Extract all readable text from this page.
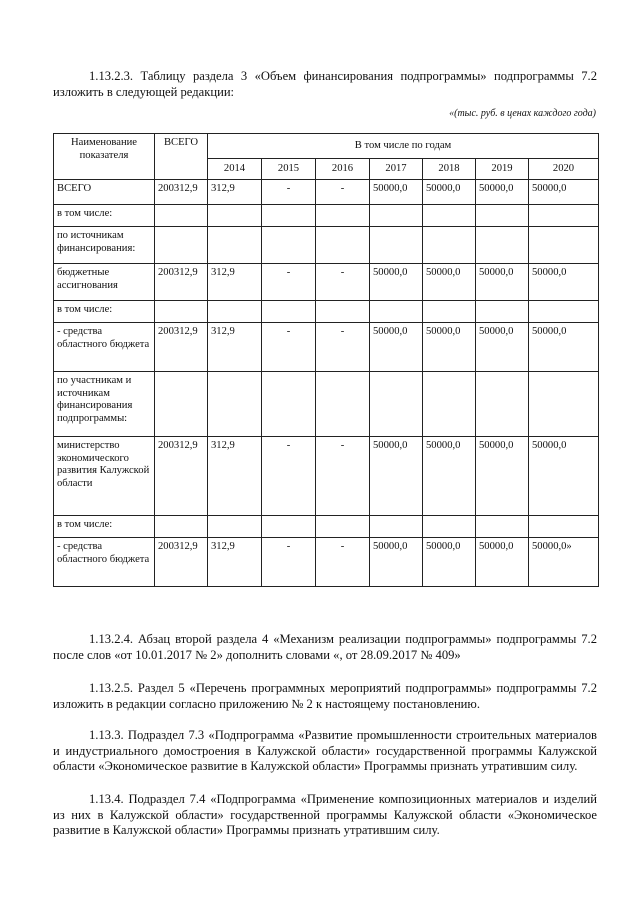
1.13.2.3. Таблицу раздела 3 «Объем финансирования подпрограммы» подпрограммы 7.2 изложить в следующей редакции:
«(тыс. руб. в ценах каждого года)
Наименование показателя	ВСЕГО	В том числе по годам						
		2014	2015	2016	2017	2018	2019	2020
ВСЕГО	200312,9	312,9	-	-	50000,0	50000,0	50000,0	50000,0
в том числе:								
по источникам финансирования:								
бюджетные ассигнования	200312,9	312,9	-	-	50000,0	50000,0	50000,0	50000,0
в том числе:								
- средства областного бюджета	200312,9	312,9	-	-	50000,0	50000,0	50000,0	50000,0
по участникам и источникам финансирования подпрограммы:								
министерство экономического развития Калужской области	200312,9	312,9	-	-	50000,0	50000,0	50000,0	50000,0
в том числе:								
- средства областного бюджета	200312,9	312,9	-	-	50000,0	50000,0	50000,0	50000,0»
1.13.2.4. Абзац второй раздела 4 «Механизм реализации подпрограммы» подпрограммы 7.2 после слов «от 10.01.2017 № 2» дополнить словами «, от 28.09.2017 № 409»
1.13.2.5. Раздел 5 «Перечень программных мероприятий подпрограммы» подпрограммы 7.2 изложить в редакции согласно приложению № 2 к настоящему постановлению.
1.13.3. Подраздел 7.3 «Подпрограмма «Развитие промышленности строительных материалов и индустриального домостроения в Калужской области» государственной программы Калужской области «Экономическое развитие в Калужской области» Программы признать утратившим силу.
1.13.4. Подраздел 7.4 «Подпрограмма «Применение композиционных материалов и изделий из них в Калужской области» государственной программы Калужской области «Экономическое развитие в Калужской области» Программы признать утратившим силу.
